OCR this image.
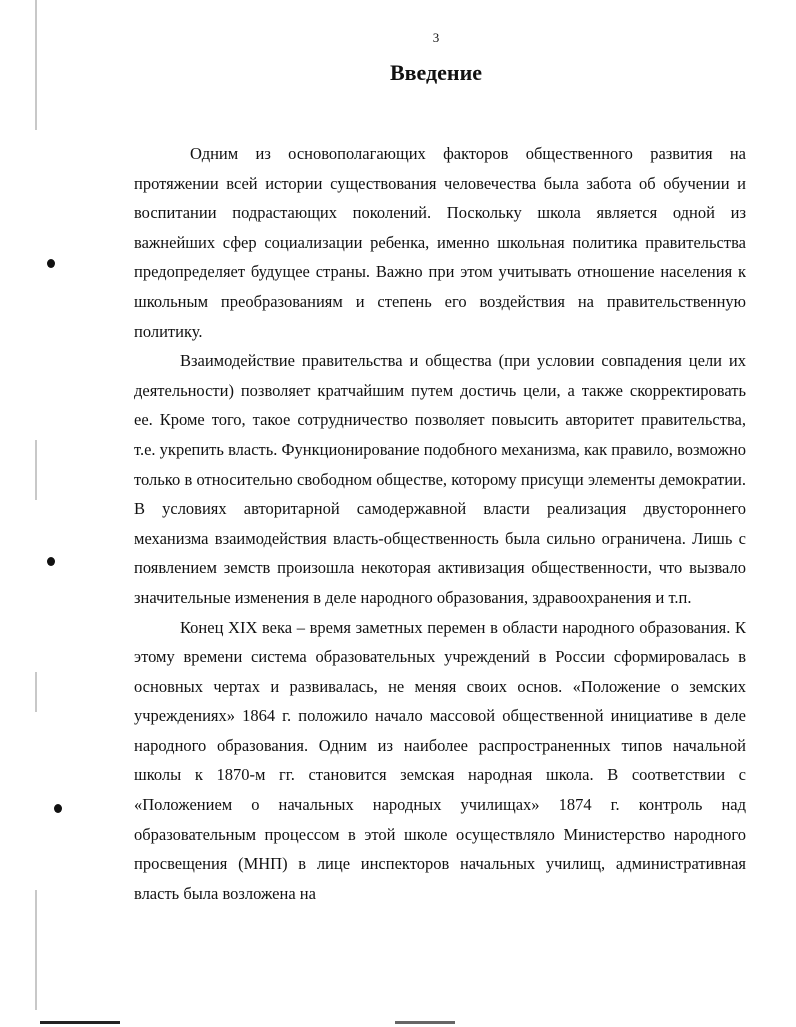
3
Введение

Одним из основополагающих факторов общественного развития на протяжении всей истории существования человечества была забота об обучении и воспитании подрастающих поколений. Поскольку школа является одной из важнейших сфер социализации ребенка, именно школьная политика правительства предопределяет будущее страны. Важно при этом учитывать отношение населения к школьным преобразованиям и степень его воздействия на правительственную политику.

Взаимодействие правительства и общества (при условии совпадения цели их деятельности) позволяет кратчайшим путем достичь цели, а также скорректировать ее. Кроме того, такое сотрудничество позволяет повысить авторитет правительства, т.е. укрепить власть. Функционирование подобного механизма, как правило, возможно только в относительно свободном обществе, которому присущи элементы демократии. В условиях авторитарной самодержавной власти реализация двустороннего механизма взаимодействия власть-общественность была сильно ограничена. Лишь с появлением земств произошла некоторая активизация общественности, что вызвало значительные изменения в деле народного образования, здравоохранения и т.п.

Конец XIX века – время заметных перемен в области народного образования. К этому времени система образовательных учреждений в России сформировалась в основных чертах и развивалась, не меняя своих основ. «Положение о земских учреждениях» 1864 г. положило начало массовой общественной инициативе в деле народного образования. Одним из наиболее распространенных типов начальной школы к 1870-м гг. становится земская народная школа. В соответствии с «Положением о начальных народных училищах» 1874 г. контроль над образовательным процессом в этой школе осуществляло Министерство народного просвещения (МНП) в лице инспекторов начальных училищ, административная власть была возложена на
